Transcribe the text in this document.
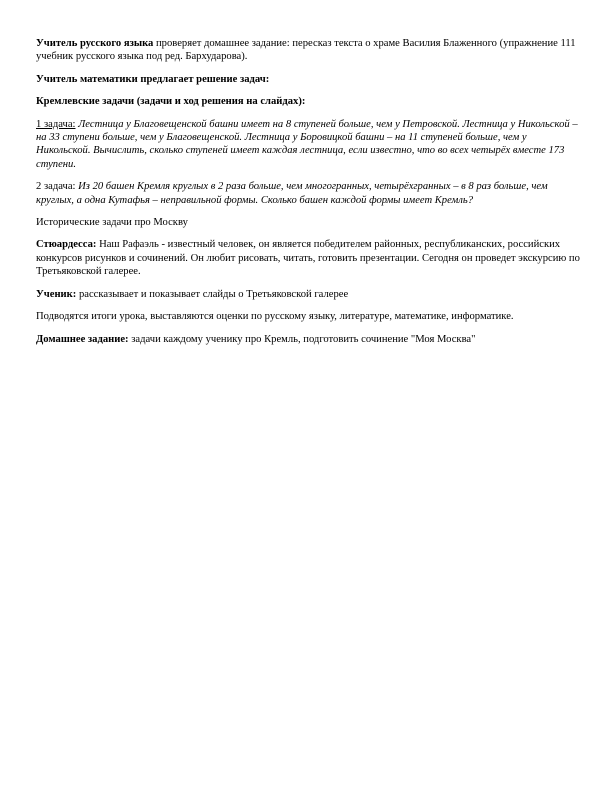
Учитель русского языка проверяет домашнее задание: пересказ текста о храме Василия Блаженного (упражнение 111 учебник русского языка под ред. Бархударова).

Учитель математики предлагает решение задач:

Кремлевские задачи (задачи и ход решения на слайдах):

1 задача: Лестница у Благовещенской башни имеет на 8 ступеней больше, чем у Петровской. Лестница у Никольской – на 33 ступени больше, чем у Благовещенской. Лестница у Боровицкой башни – на 11 ступеней больше, чем у Никольской. Вычислить, сколько ступеней имеет каждая лестница, если известно, что во всех четырёх вместе 173 ступени.

2 задача: Из 20 башен Кремля круглых в 2 раза больше, чем многогранных, четырёхгранных – в 8 раз больше, чем круглых, а одна Кутафья – неправильной формы. Сколько башен каждой формы имеет Кремль?

Исторические задачи про Москву

Стюардесса: Наш Рафаэль - известный человек, он является победителем районных, республиканских, российских конкурсов рисунков и сочинений. Он любит рисовать, читать, готовить презентации. Сегодня он проведет экскурсию по Третьяковской галерее.

Ученик: рассказывает и показывает слайды о Третьяковской галерее

Подводятся итоги урока, выставляются оценки по русскому языку, литературе, математике, информатике.

Домашнее задание: задачи каждому ученику про Кремль, подготовить сочинение "Моя Москва"
